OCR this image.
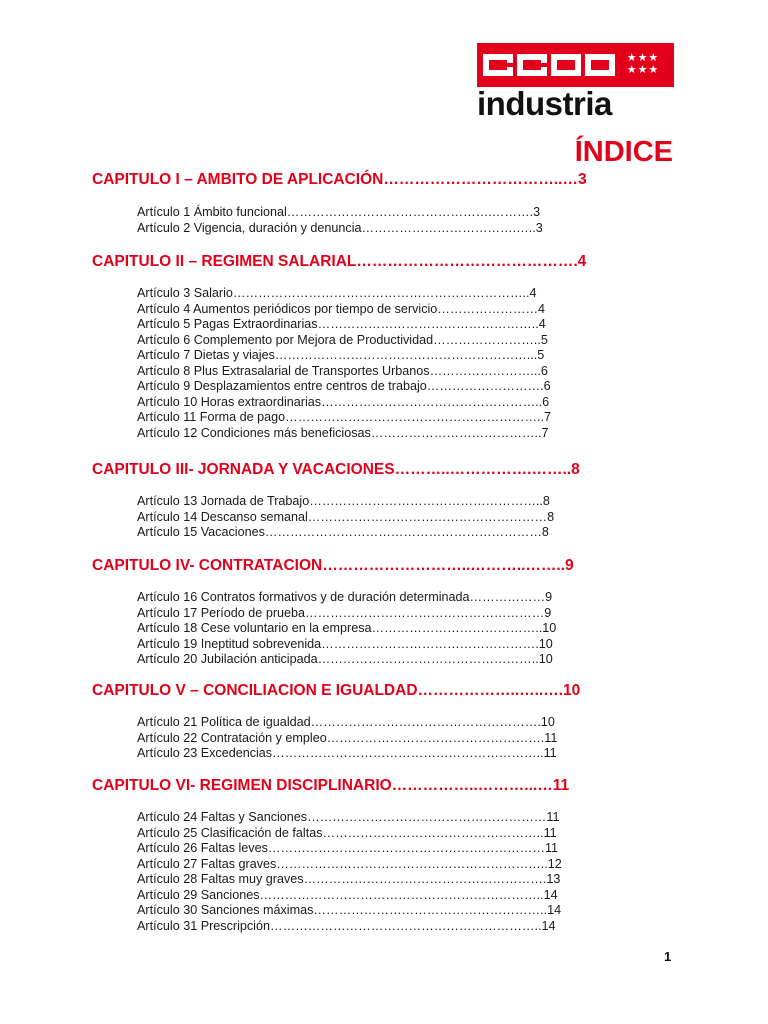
★★★
★★★
industria
ÍNDICE
CAPITULO I – AMBITO DE APLICACIÓN……………………………..…3
Artículo 1 Ámbito funcional………………………………………….……….3
Artículo 2 Vigencia, duración y denuncia……………………………….…..3
CAPITULO II – REGIMEN SALARIAL…………………………………….4
Artículo 3 Salario……………………………………………………………..4
Artículo 4 Aumentos periódicos por tiempo de servicio……………………4
Artículo 5 Pagas Extraordinarias……………………………………………..4
Artículo 6 Complemento por Mejora de Productividad……………………..5
Artículo 7 Dietas y viajes……………………………………………………...5
Artículo 8 Plus Extrasalarial de Transportes Urbanos……………………...6
Artículo 9 Desplazamientos entre centros de trabajo……………………….6
Artículo 10 Horas extraordinarias……………………………………………..6
Artículo 11 Forma de pago……………………………………………………..7
Artículo 12 Condiciones más beneficiosas…………………………………..7
CAPITULO III- JORNADA Y VACACIONES………..…………….……..8
Artículo 13 Jornada de Trabajo………………………………………………..8
Artículo 14 Descanso semanal…………………………………………………8
Artículo 15 Vacaciones…………………………………………………………8
CAPITULO IV- CONTRATACION………………………..………..……..9
Artículo 16 Contratos formativos y de duración determinada………………9
Artículo 17 Período de prueba…………………………………………………9
Artículo 18 Cese voluntario en la empresa…………………………………..10
Artículo 19 Ineptitud sobrevenida…………………………………………….10
Artículo 20 Jubilación anticipada……………………………………………..10
CAPITULO V – CONCILIACION E IGUALDAD………………..…..….10
Artículo 21 Política de igualdad……………………………………………….10
Artículo 22 Contratación y empleo…………………………………………….11
Artículo 23 Excedencias………………………………………………………..11
CAPITULO VI- REGIMEN DISCIPLINARIO……………..………...…11
Artículo 24 Faltas y Sanciones…………………………………………………11
Artículo 25 Clasificación de faltas……………………………………………..11
Artículo 26 Faltas leves…………………………………………………………11
Artículo 27 Faltas graves………………………………………………………..12
Artículo 28 Faltas muy graves………………………………………………….13
Artículo 29 Sanciones…………………………………………………………..14
Artículo 30 Sanciones máximas………………………………………………..14
Artículo 31 Prescripción………………………………………………………..14
1
